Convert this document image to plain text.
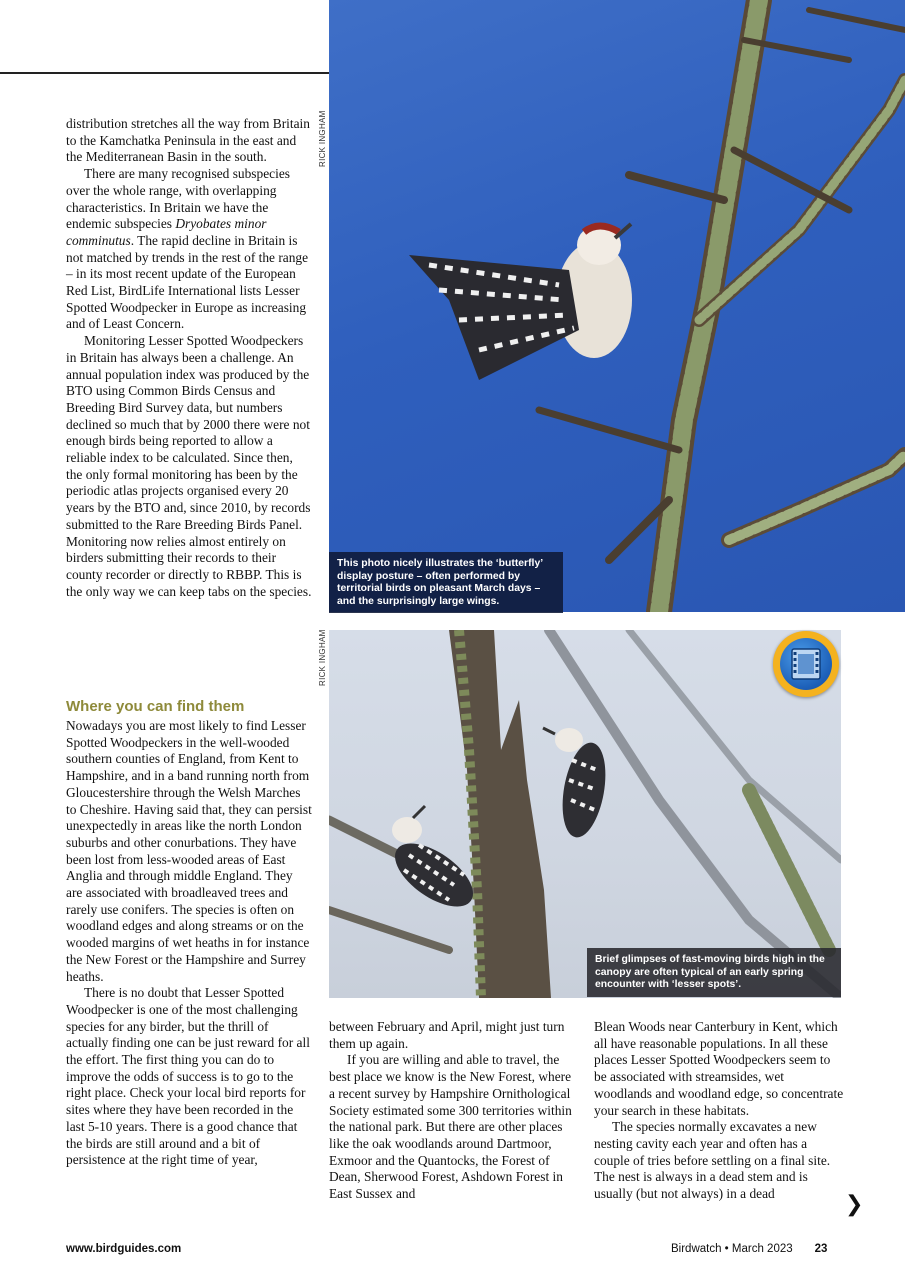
distribution stretches all the way from Britain to the Kamchatka Peninsula in the east and the Mediterranean Basin in the south.

There are many recognised subspecies over the whole range, with overlapping characteristics. In Britain we have the endemic subspecies Dryobates minor comminutus. The rapid decline in Britain is not matched by trends in the rest of the range – in its most recent update of the European Red List, BirdLife International lists Lesser Spotted Woodpecker in Europe as increasing and of Least Concern.

Monitoring Lesser Spotted Woodpeckers in Britain has always been a challenge. An annual population index was produced by the BTO using Common Birds Census and Breeding Bird Survey data, but numbers declined so much that by 2000 there were not enough birds being reported to allow a reliable index to be calculated. Since then, the only formal monitoring has been by the periodic atlas projects organised every 20 years by the BTO and, since 2010, by records submitted to the Rare Breeding Birds Panel. Monitoring now relies almost entirely on birders submitting their records to their county recorder or directly to RBBP. This is the only way we can keep tabs on the species.

Where you can find them

Nowadays you are most likely to find Lesser Spotted Woodpeckers in the well-wooded southern counties of England, from Kent to Hampshire, and in a band running north from Gloucestershire through the Welsh Marches to Cheshire. Having said that, they can persist unexpectedly in areas like the north London suburbs and other conurbations. They have been lost from less-wooded areas of East Anglia and through middle England. They are associated with broadleaved trees and rarely use conifers. The species is often on woodland edges and along streams or on the wooded margins of wet heaths in for instance the New Forest or the Hampshire and Surrey heaths.

There is no doubt that Lesser Spotted Woodpecker is one of the most challenging species for any birder, but the thrill of actually finding one can be just reward for all the effort. The first thing you can do to improve the odds of success is to go to the right place. Check your local bird reports for sites where they have been recorded in the last 5-10 years. There is a good chance that the birds are still around and a bit of persistence at the right time of year,

between February and April, might just turn them up again.

If you are willing and able to travel, the best place we know is the New Forest, where a recent survey by Hampshire Ornithological Society estimated some 300 territories within the national park. But there are other places like the oak woodlands around Dartmoor, Exmoor and the Quantocks, the Forest of Dean, Sherwood Forest, Ashdown Forest in East Sussex and

Blean Woods near Canterbury in Kent, which all have reasonable populations. In all these places Lesser Spotted Woodpeckers seem to be associated with streamsides, wet woodlands and woodland edge, so concentrate your search in these habitats.

The species normally excavates a new nesting cavity each year and often has a couple of tries before settling on a final site. The nest is always in a dead stem and is usually (but not always) in a dead

This photo nicely illustrates the ‘butterfly’ display posture – often performed by territorial birds on pleasant March days – and the surprisingly large wings.

RICK INGHAM

Brief glimpses of fast-moving birds high in the canopy are often typical of an early spring encounter with ‘lesser spots’.

RICK INGHAM
❯
www.birdguides.com	Birdwatch • March 2023 23
